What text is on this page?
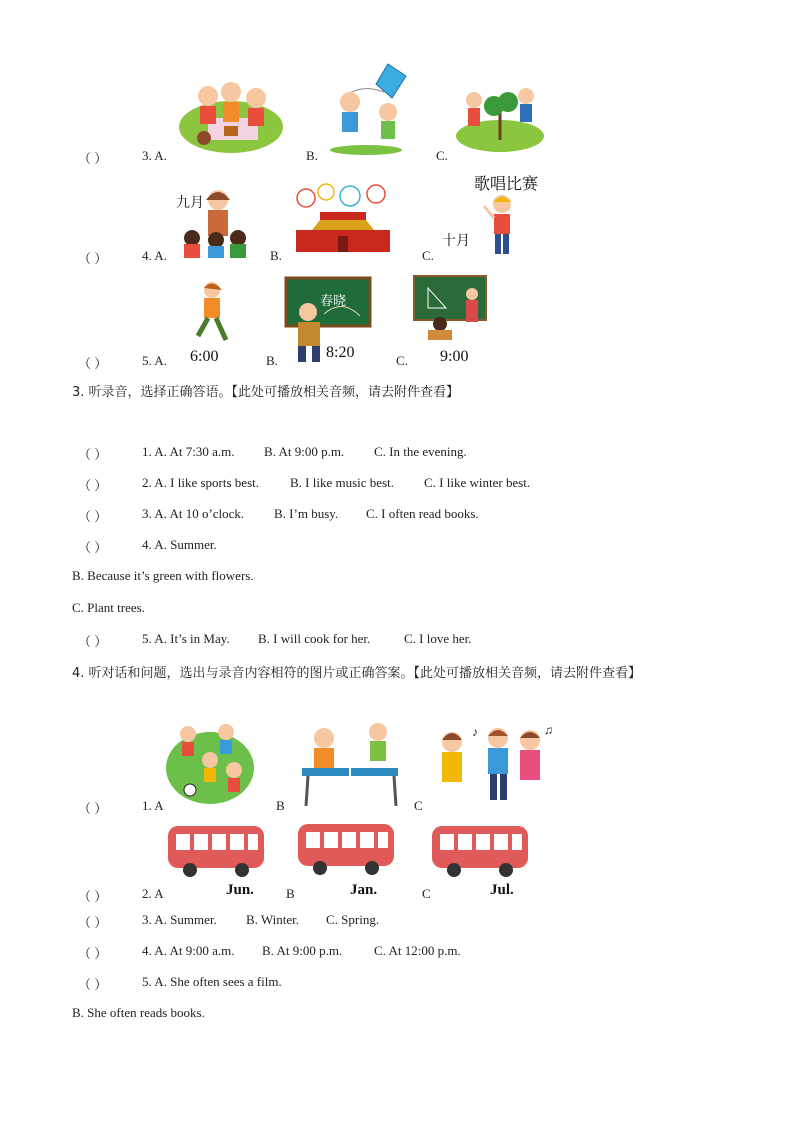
（ ）	3. A.	B.	C.
九月
歌唱比赛
十月
（ ）	4. A.	B.	C.
6:00
春晓
8:20	9:00
（ ）	5. A.	B.	C.
3. 听录音，选择正确答语。【此处可播放相关音频，请去附件查看】
（ ）	1. A. At 7:30 a.m. B. At 9:00 p.m. C. In the evening.
（ ）	2. A. I like sports best. B. I like music best. C. I like winter best.
（ ）	3. A. At 10 o’clock. B. I’m busy. C. I often read books.
（ ）	4. A. Summer.
B. Because it’s green with flowers.
C. Plant trees.
（ ）	5. A. It’s in May. B. I will cook for her.	C. I love her.
4. 听对话和问题，选出与录音内容相符的图片或正确答案。【此处可播放相关音频，请去附件查看】
♪	♫
（ ）	1. A	B	C
Jun.	Jan.	Jul.
（ ）	2. A	B	C
（ ）	3. A. Summer. B. Winter. C. Spring.
（ ）	4. A. At 9:00 a.m. B. At 9:00 p.m. C. At 12:00 p.m.
（ ）	5. A. She often sees a film.
B. She often reads books.
